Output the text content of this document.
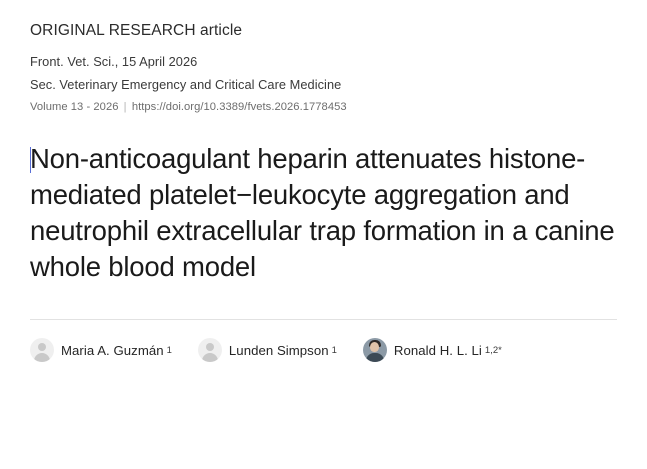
ORIGINAL RESEARCH article
Front. Vet. Sci., 15 April 2026
Sec. Veterinary Emergency and Critical Care Medicine
Volume 13 - 2026 | https://doi.org/10.3389/fvets.2026.1778453
Non-anticoagulant heparin attenuates histone-mediated platelet−leukocyte aggregation and neutrophil extracellular trap formation in a canine whole blood model
Maria A. Guzmán 1	Lunden Simpson 1	Ronald H. L. Li 1,2*
